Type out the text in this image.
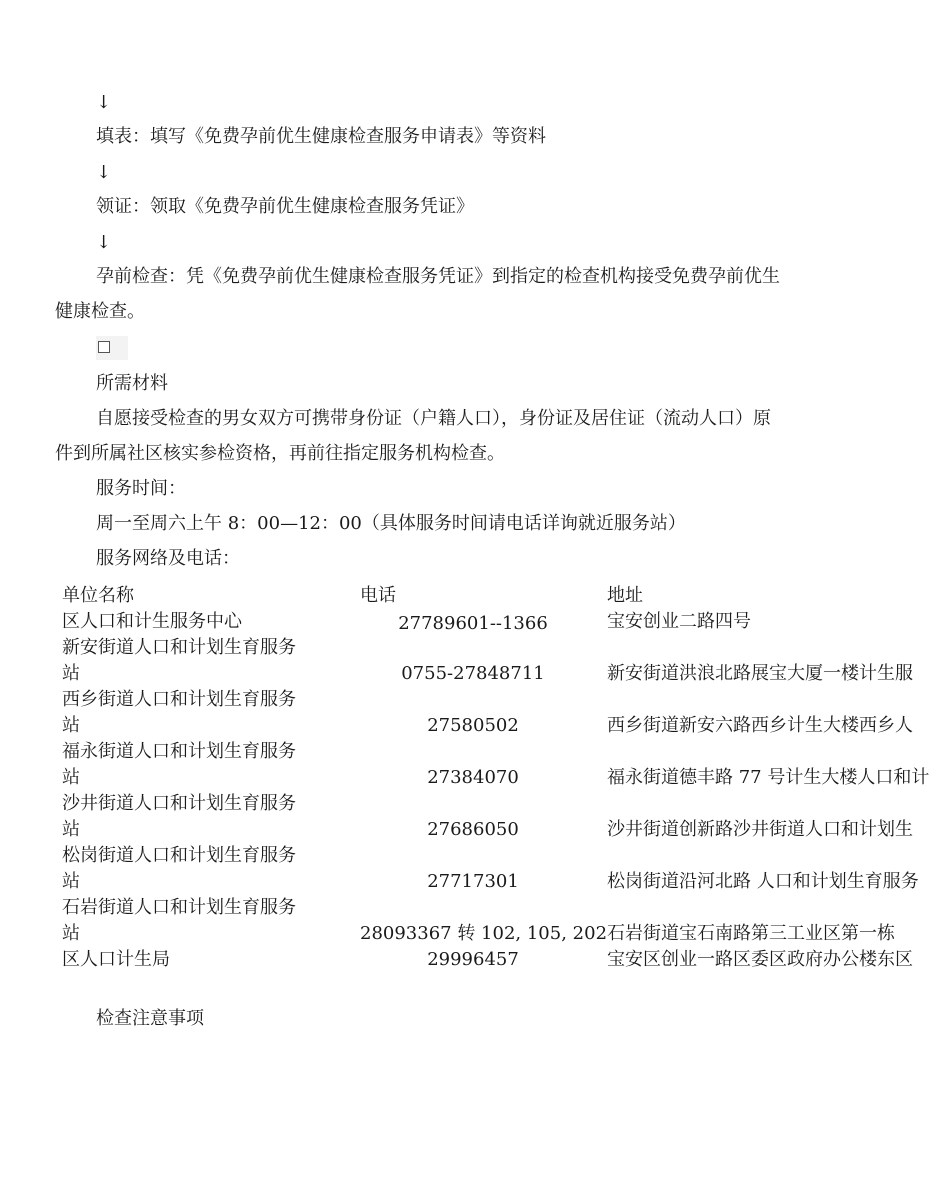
↓
填表：填写《免费孕前优生健康检查服务申请表》等资料
↓
领证：领取《免费孕前优生健康检查服务凭证》
↓
孕前检查：凭《免费孕前优生健康检查服务凭证》到指定的检查机构接受免费孕前优生
健康检查。
所需材料
自愿接受检查的男女双方可携带身份证（户籍人口），身份证及居住证（流动人口）原
件到所属社区核实参检资格，再前往指定服务机构检查。
服务时间：
周一至周六上午 8：00—12：00（具体服务时间请电话详询就近服务站）
服务网络及电话：
单位名称	电话	地址
区人口和计生服务中心	27789601--1366	宝安创业二路四号
新安街道人口和计划生育服务
站	0755-27848711	新安街道洪浪北路展宝大厦一楼计生服
西乡街道人口和计划生育服务
站	27580502	西乡街道新安六路西乡计生大楼西乡人
福永街道人口和计划生育服务
站	27384070	福永街道德丰路 77 号计生大楼人口和计
沙井街道人口和计划生育服务
站	27686050	沙井街道创新路沙井街道人口和计划生
松岗街道人口和计划生育服务
站	27717301	松岗街道沿河北路 人口和计划生育服务
石岩街道人口和计划生育服务
站	28093367 转 102, 105, 202 石岩街道宝石南路第三工业区第一栋
区人口计生局	29996457	宝安区创业一路区委区政府办公楼东区
检查注意事项
